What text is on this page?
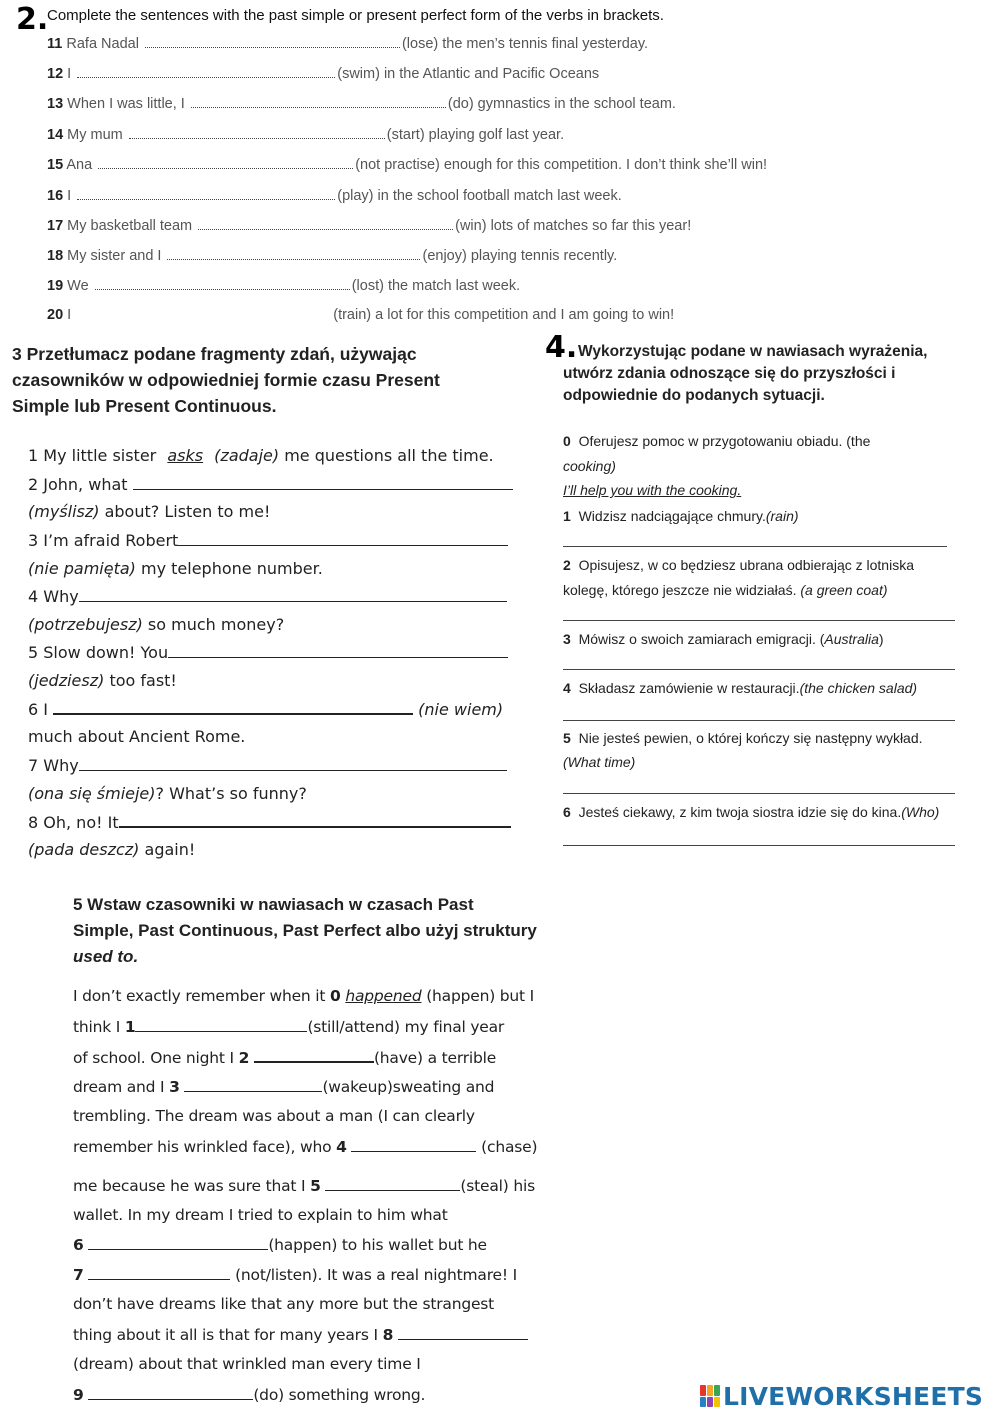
2.
Complete the sentences with the past simple or present perfect form of the verbs in brackets.
11 Rafa Nadal	(lose) the men’s tennis final yesterday.
12 I	(swim) in the Atlantic and Pacific Oceans
13 When I was little, I	(do) gymnastics in the school team.
14 My mum	(start) playing golf last year.
15 Ana	(not practise) enough for this competition. I don’t think she’ll win!
16 I	(play) in the school football match last week.
17 My basketball team	(win) lots of matches so far this year!
18 My sister and I	(enjoy) playing tennis recently.
19 We	(lost) the match last week.
20 I	(train) a lot for this competition and I am going to win!
3 Przetłumacz podane fragmenty zdań, używając
czasowników w odpowiedniej formie czasu Present
Simple lub Present Continuous.
1 My little sister asks (zadaje) me questions all the time.
2 John, what
(myślisz) about? Listen to me!
3 I’m afraid Robert
(nie pamięta) my telephone number.
4 Why
(potrzebujesz) so much money?
5 Slow down! You
(jedziesz) too fast!
6 I	(nie wiem)
much about Ancient Rome.
7 Why
(ona się śmieje)? What’s so funny?
8 Oh, no! It
(pada deszcz) again!
4. Wykorzystując podane w nawiasach wyrażenia,
utwórz zdania odnoszące się do przyszłości i
odpowiednie do podanych sytuacji.
0 Oferujesz pomoc w przygotowaniu obiadu. (the
cooking)
I’ll help you with the cooking.
1 Widzisz nadciągające chmury.(rain)
2 Opisujesz, w co będziesz ubrana odbierając z lotniska
kolegę, którego jeszcze nie widziałaś. (a green coat)
3 Mówisz o swoich zamiarach emigracji. (Australia)
4 Składasz zamówienie w restauracji.(the chicken salad)
5 Nie jesteś pewien, o której kończy się następny wykład.
(What time)
6 Jesteś ciekawy, z kim twoja siostra idzie się do kina.(Who)
5 Wstaw czasowniki w nawiasach w czasach Past
Simple, Past Continuous, Past Perfect albo użyj struktury
used to.
I don’t exactly remember when it 0 happened (happen) but I
think I 1	(still/attend) my final year
of school. One night I 2	(have) a terrible
dream and I 3	(wakeup)sweating and
trembling. The dream was about a man (I can clearly
remember his wrinkled face), who 4	(chase)
me because he was sure that I 5	(steal) his
wallet. In my dream I tried to explain to him what
6	(happen) to his wallet but he
7	(not/listen). It was a real nightmare! I
don’t have dreams like that any more but the strangest
thing about it all is that for many years I 8
(dream) about that wrinkled man every time I
9	(do) something wrong.	LIVEWORKSHEETS
